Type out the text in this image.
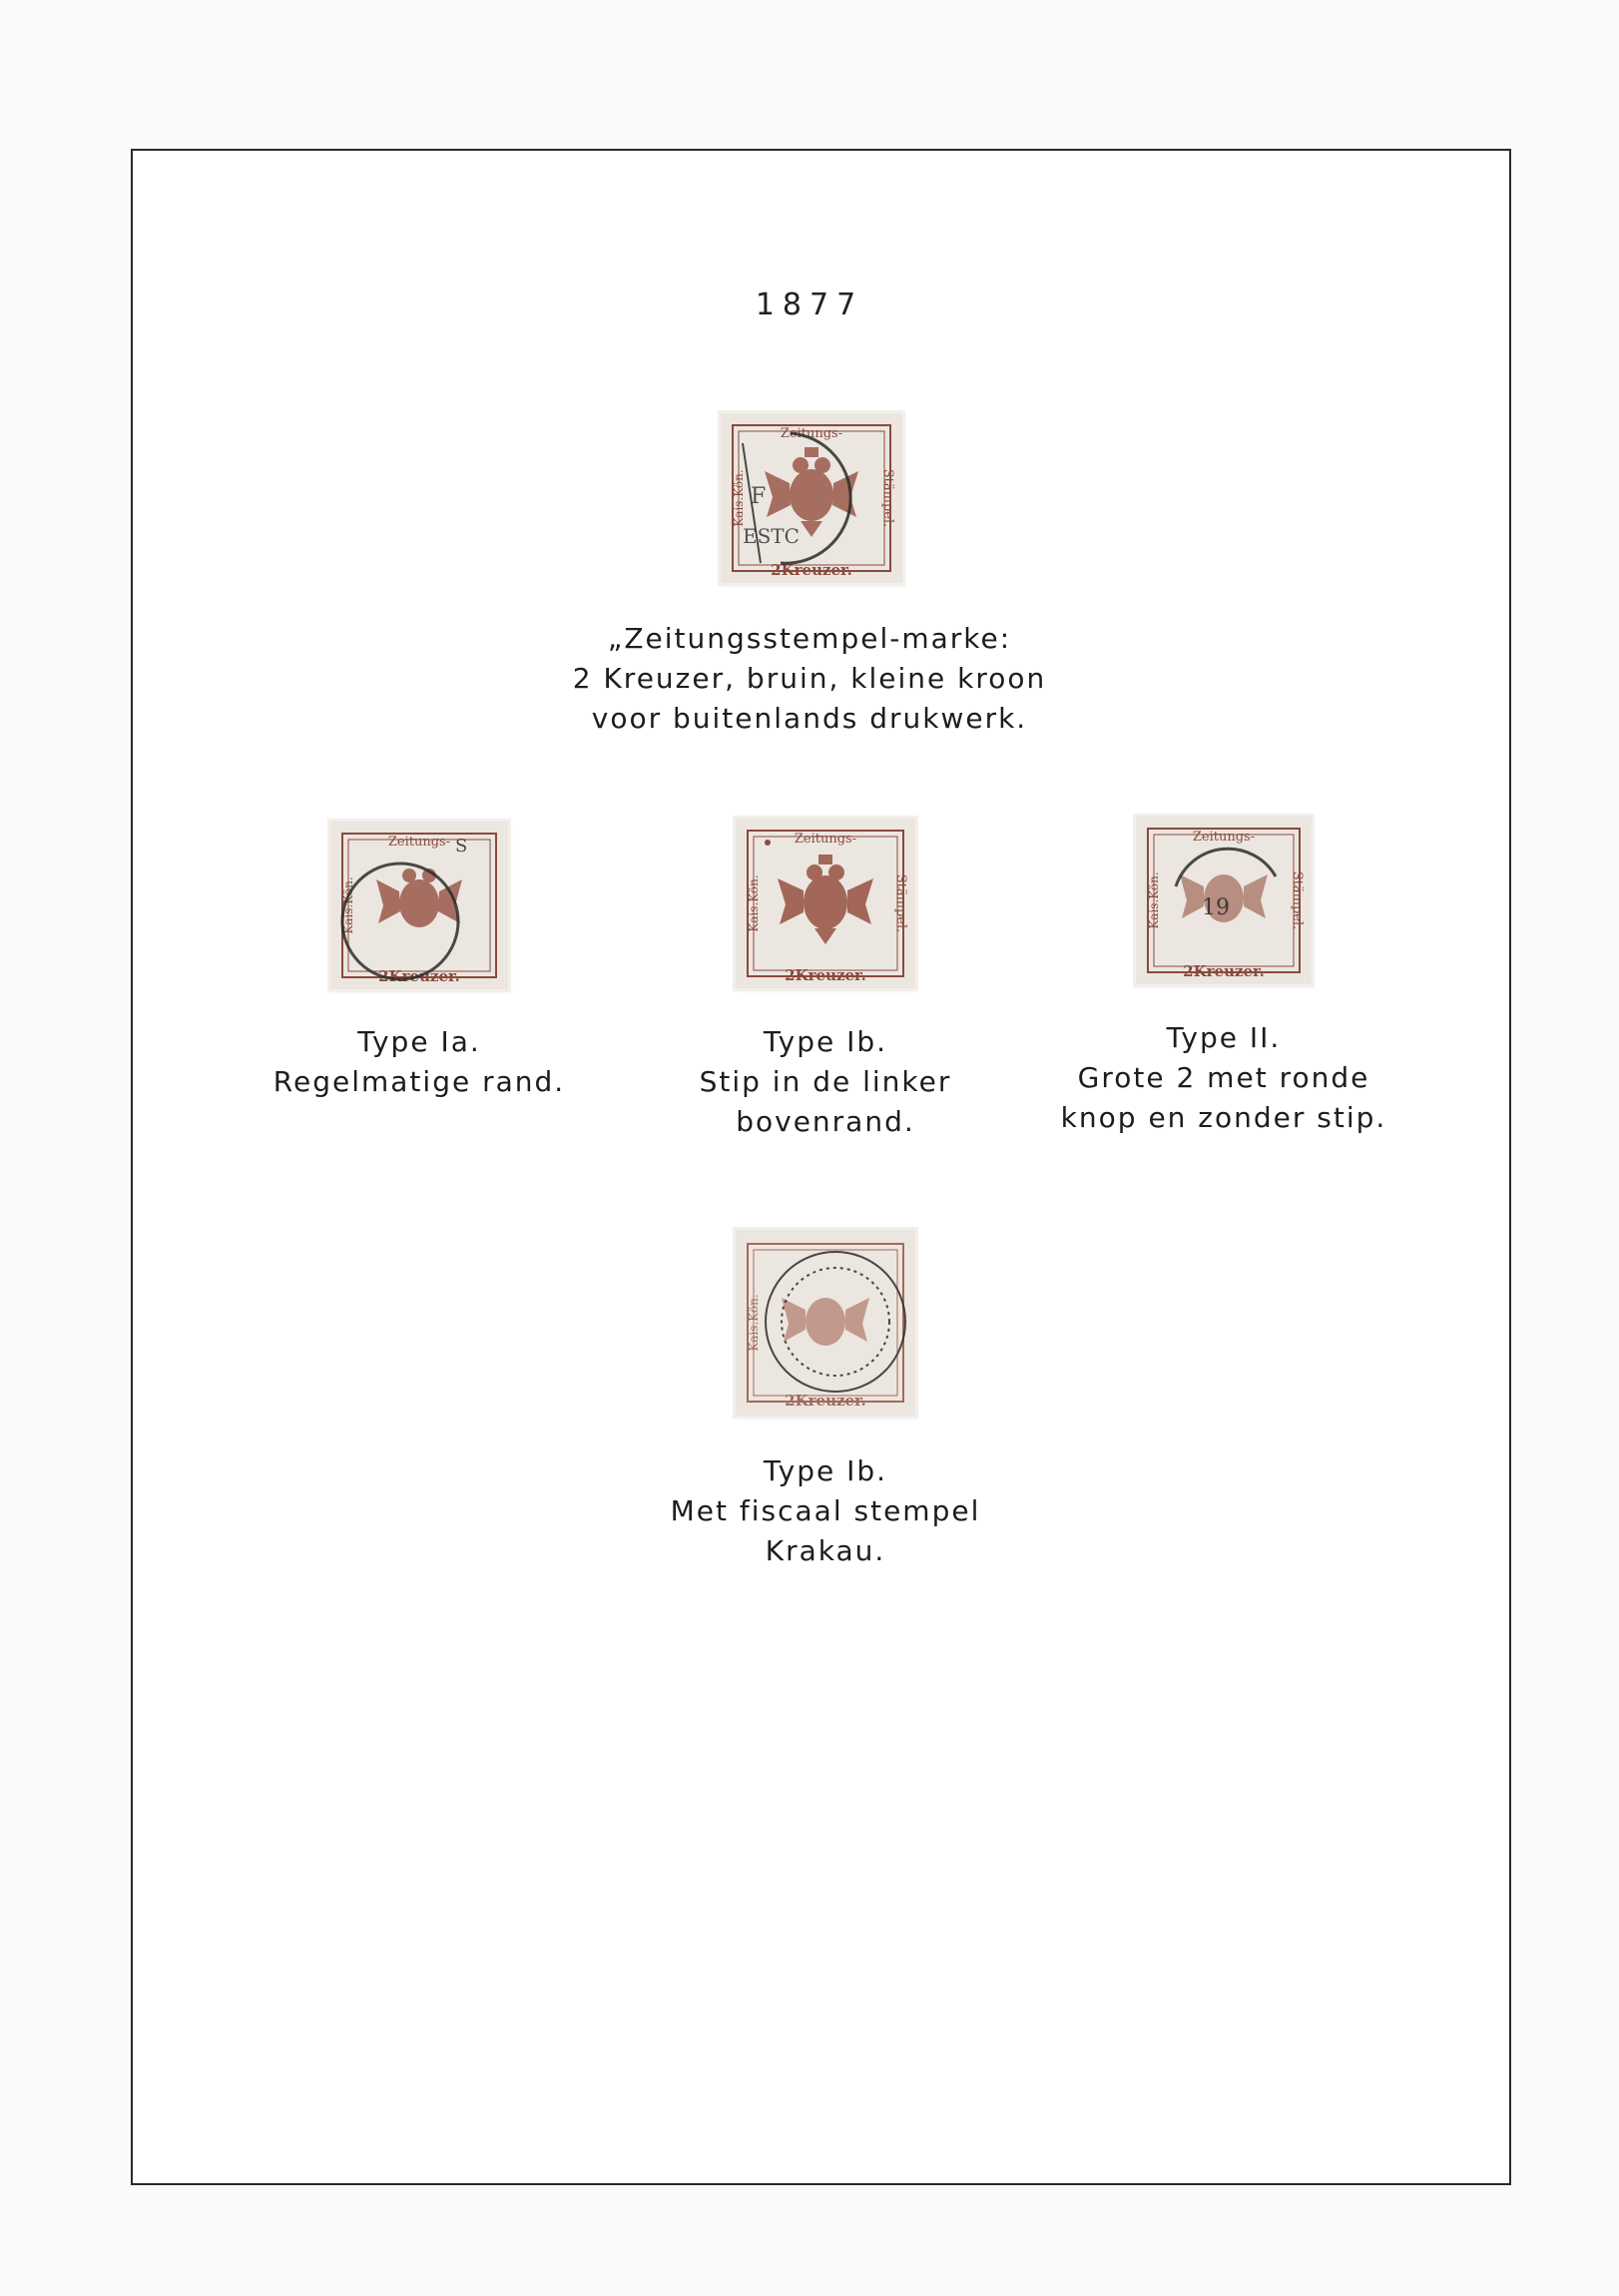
1877
Zeitungs-
2Kreuzer.
Stämpel.
Kais.Kön. F
ESTC
„Zeitungsstempel-marke:
2 Kreuzer, bruin, kleine kroon
voor buitenlands drukwerk.
Zeitungs-
2Kreuzer.
Kais.Kön.
S
Type Ia.
Regelmatige rand.
Zeitungs-
2Kreuzer.
Stämpel.
Kais.Kön.
Type Ib.
Stip in de linker
bovenrand.
Zeitungs-
2Kreuzer.
Stämpel.
Kais.Kön. 19
Type II.
Grote 2 met ronde
knop en zonder stip.
2Kreuzer.
Kais.Kön.
Type Ib.
Met fiscaal stempel
Krakau.
